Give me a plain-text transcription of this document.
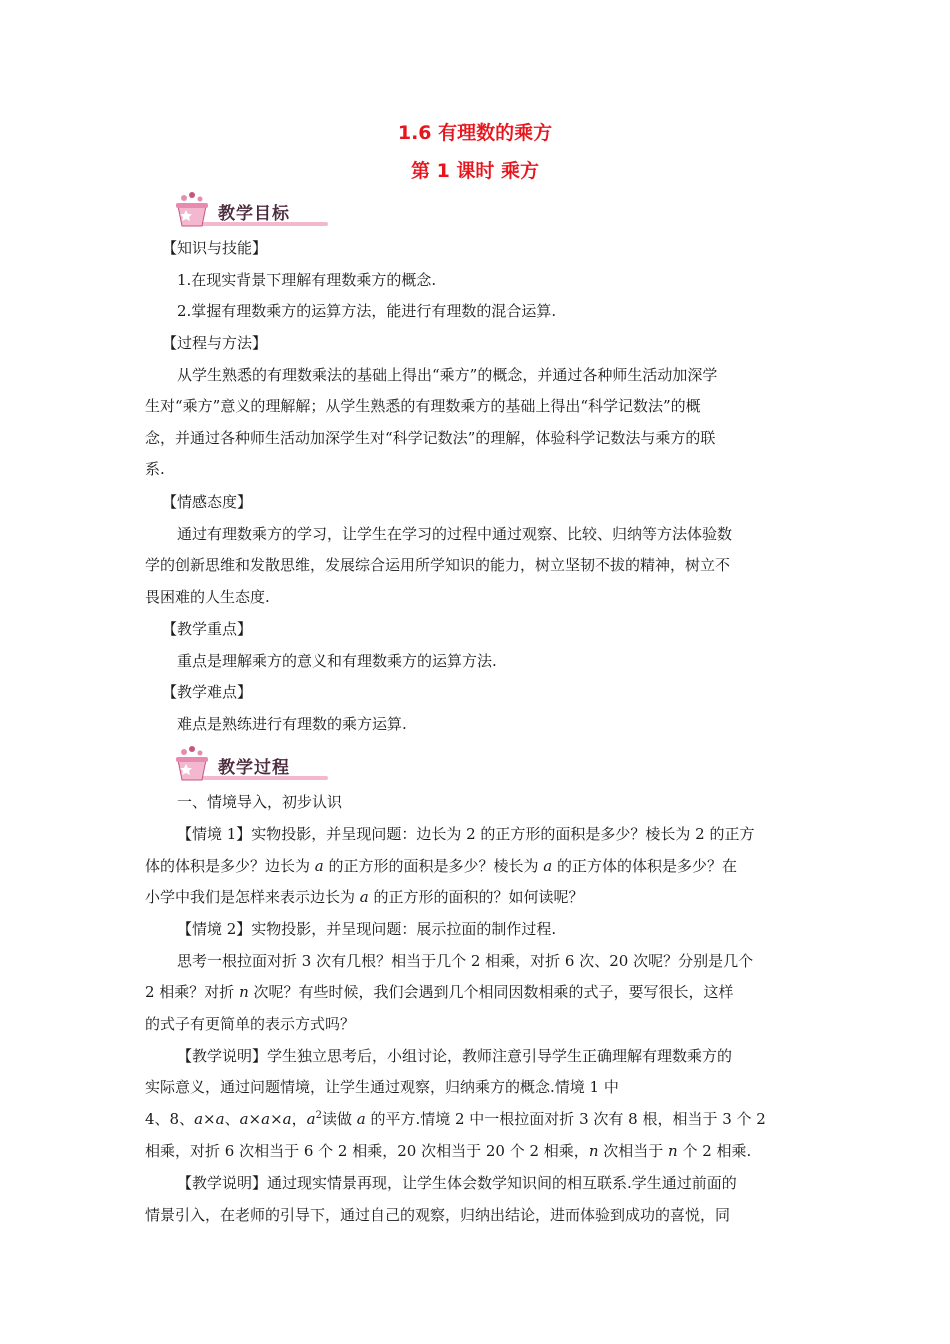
1.6 有理数的乘方
第 1 课时 乘方
教学目标
【知识与技能】
1.在现实背景下理解有理数乘方的概念.
2.掌握有理数乘方的运算方法，能进行有理数的混合运算.
【过程与方法】
从学生熟悉的有理数乘法的基础上得出“乘方”的概念，并通过各种师生活动加深学
生对“乘方”意义的理解解；从学生熟悉的有理数乘方的基础上得出“科学记数法”的概
念，并通过各种师生活动加深学生对“科学记数法”的理解，体验科学记数法与乘方的联
系.
【情感态度】
通过有理数乘方的学习，让学生在学习的过程中通过观察、比较、归纳等方法体验数
学的创新思维和发散思维，发展综合运用所学知识的能力，树立坚韧不拔的精神，树立不
畏困难的人生态度.
【教学重点】
重点是理解乘方的意义和有理数乘方的运算方法.
【教学难点】
难点是熟练进行有理数的乘方运算.
教学过程
一、情境导入，初步认识
【情境 1】实物投影，并呈现问题：边长为 2 的正方形的面积是多少？棱长为 2 的正方
体的体积是多少？边长为 a 的正方形的面积是多少？棱长为 a 的正方体的体积是多少？在
小学中我们是怎样来表示边长为 a 的正方形的面积的？如何读呢？
【情境 2】实物投影，并呈现问题：展示拉面的制作过程.
思考一根拉面对折 3 次有几根？相当于几个 2 相乘，对折 6 次、20 次呢？分别是几个
2 相乘？对折 n 次呢？有些时候，我们会遇到几个相同因数相乘的式子，要写很长，这样
的式子有更简单的表示方式吗？
【教学说明】学生独立思考后，小组讨论，教师注意引导学生正确理解有理数乘方的
实际意义，通过问题情境，让学生通过观察，归纳乘方的概念.情境 1 中
4、8、a×a、a×a×a，$a^2$读做 a 的平方.情境 2 中一根拉面对折 3 次有 8 根，相当于 3 个 2
相乘，对折 6 次相当于 6 个 2 相乘，20 次相当于 20 个 2 相乘，n 次相当于 n 个 2 相乘.
【教学说明】通过现实情景再现，让学生体会数学知识间的相互联系.学生通过前面的
情景引入，在老师的引导下，通过自己的观察，归纳出结论，进而体验到成功的喜悦，同
